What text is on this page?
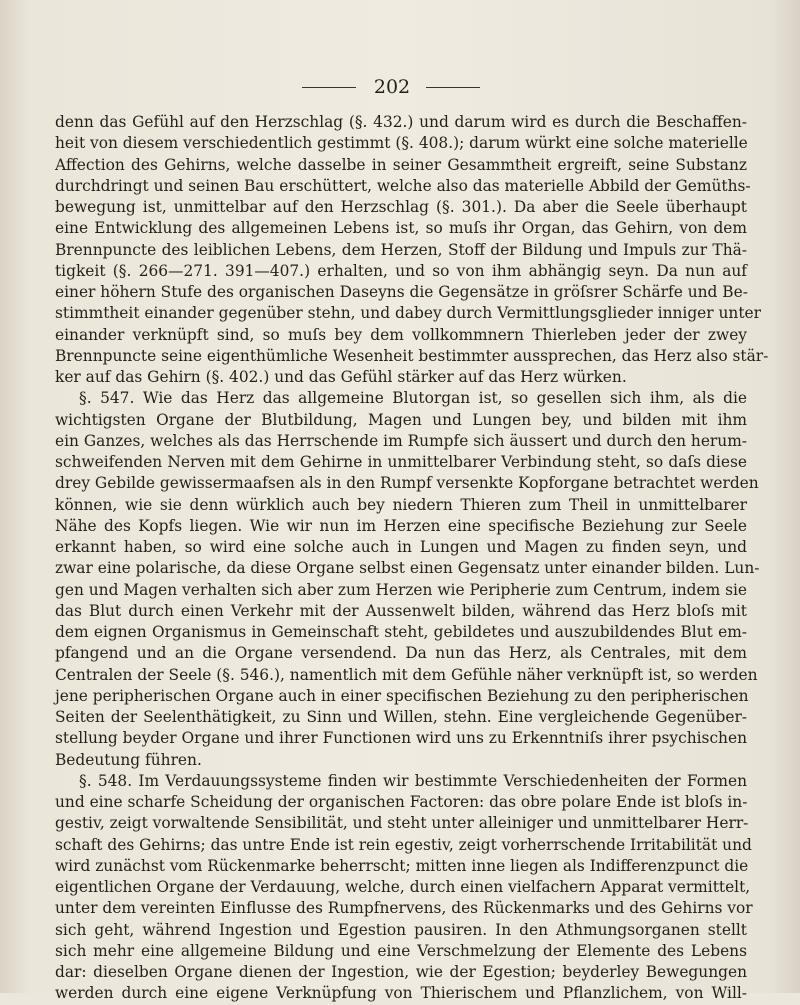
202
denn das Gefühl auf den Herzschlag (§. 432.) und darum wird es durch die Beschaffen-
heit von diesem verschiedentlich gestimmt (§. 408.); darum würkt eine solche materielle
Affection des Gehirns, welche dasselbe in seiner Gesammtheit ergreift, seine Substanz
durchdringt und seinen Bau erschüttert, welche also das materielle Abbild der Gemüths-
bewegung ist, unmittelbar auf den Herzschlag (§. 301.). Da aber die Seele überhaupt
eine Entwicklung des allgemeinen Lebens ist, so muſs ihr Organ, das Gehirn, von dem
Brennpuncte des leiblichen Lebens, dem Herzen, Stoff der Bildung und Impuls zur Thä-
tigkeit (§. 266—271. 391—407.) erhalten, und so von ihm abhängig seyn. Da nun auf
einer höhern Stufe des organischen Daseyns die Gegensätze in gröſsrer Schärfe und Be-
stimmtheit einander gegenüber stehn, und dabey durch Vermittlungsglieder inniger unter
einander verknüpft sind, so muſs bey dem vollkommnern Thierleben jeder der zwey
Brennpuncte seine eigenthümliche Wesenheit bestimmter aussprechen, das Herz also stär-
ker auf das Gehirn (§. 402.) und das Gefühl stärker auf das Herz würken.
§. 547. Wie das Herz das allgemeine Blutorgan ist, so gesellen sich ihm, als die
wichtigsten Organe der Blutbildung, Magen und Lungen bey, und bilden mit ihm
ein Ganzes, welches als das Herrschende im Rumpfe sich äussert und durch den herum-
schweifenden Nerven mit dem Gehirne in unmittelbarer Verbindung steht, so daſs diese
drey Gebilde gewissermaafsen als in den Rumpf versenkte Kopforgane betrachtet werden
können, wie sie denn würklich auch bey niedern Thieren zum Theil in unmittelbarer
Nähe des Kopfs liegen. Wie wir nun im Herzen eine specifische Beziehung zur Seele
erkannt haben, so wird eine solche auch in Lungen und Magen zu finden seyn, und
zwar eine polarische, da diese Organe selbst einen Gegensatz unter einander bilden. Lun-
gen und Magen verhalten sich aber zum Herzen wie Peripherie zum Centrum, indem sie
das Blut durch einen Verkehr mit der Aussenwelt bilden, während das Herz bloſs mit
dem eignen Organismus in Gemeinschaft steht, gebildetes und auszubildendes Blut em-
pfangend und an die Organe versendend. Da nun das Herz, als Centrales, mit dem
Centralen der Seele (§. 546.), namentlich mit dem Gefühle näher verknüpft ist, so werden
jene peripherischen Organe auch in einer specifischen Beziehung zu den peripherischen
Seiten der Seelenthätigkeit, zu Sinn und Willen, stehn. Eine vergleichende Gegenüber-
stellung beyder Organe und ihrer Functionen wird uns zu Erkenntniſs ihrer psychischen
Bedeutung führen.
§. 548. Im Verdauungssysteme finden wir bestimmte Verschiedenheiten der Formen
und eine scharfe Scheidung der organischen Factoren: das obre polare Ende ist bloſs in-
gestiv, zeigt vorwaltende Sensibilität, und steht unter alleiniger und unmittelbarer Herr-
schaft des Gehirns; das untre Ende ist rein egestiv, zeigt vorherrschende Irritabilität und
wird zunächst vom Rückenmarke beherrscht; mitten inne liegen als Indifferenzpunct die
eigentlichen Organe der Verdauung, welche, durch einen vielfachern Apparat vermittelt,
unter dem vereinten Einflusse des Rumpfnervens, des Rückenmarks und des Gehirns vor
sich geht, während Ingestion und Egestion pausiren. In den Athmungsorganen stellt
sich mehr eine allgemeine Bildung und eine Verschmelzung der Elemente des Lebens
dar: dieselben Organe dienen der Ingestion, wie der Egestion; beyderley Bewegungen
werden durch eine eigene Verknüpfung von Thierischem und Pflanzlichem, von Will-
